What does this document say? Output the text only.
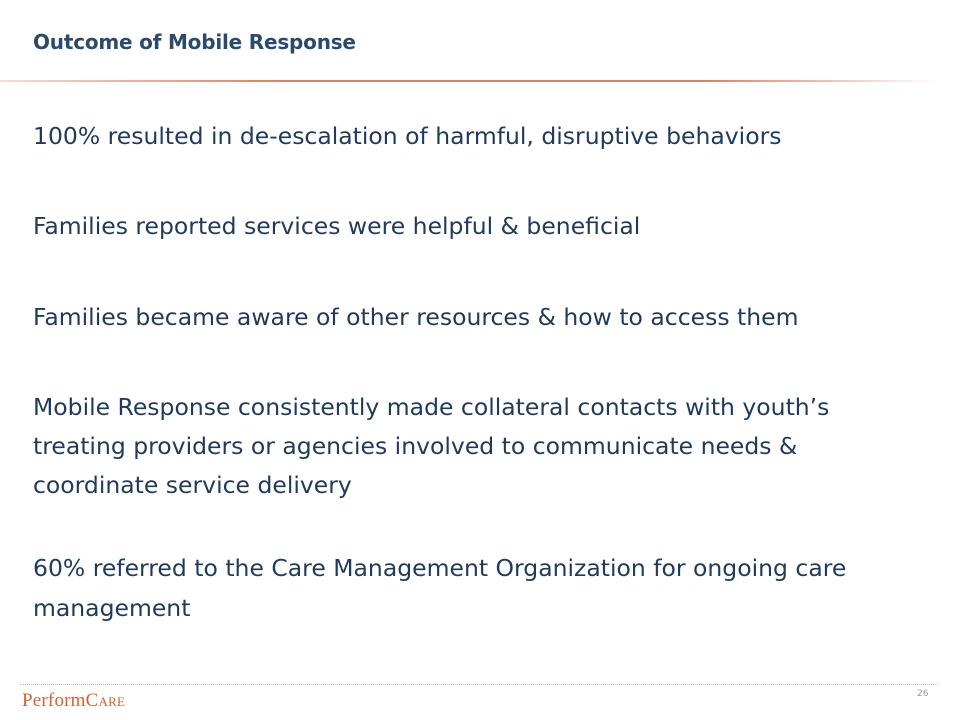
Outcome of Mobile Response
100% resulted in de-escalation of harmful, disruptive behaviors
Families reported services were helpful & beneficial
Families became aware of other resources & how to access them
Mobile Response consistently made collateral contacts with youth’s
treating providers or agencies involved to communicate needs &
coordinate service delivery
60% referred to the Care Management Organization for ongoing care
management
PerformCare	26
